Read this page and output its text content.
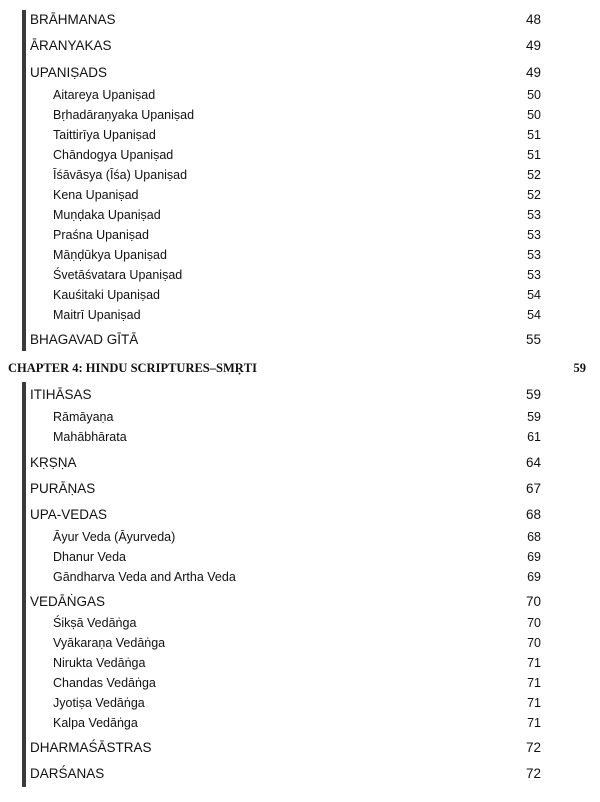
BRĀHMANAS	48
ĀRANYAKAS	49
UPANIṢADS	49
Aitareya Upaniṣad	50
Bṛhadāraṇyaka Upaniṣad	50
Taittirīya Upaniṣad	51
Chāndogya Upaniṣad	51
Īśāvāsya (Īśa) Upaniṣad	52
Kena Upaniṣad	52
Muṇḍaka Upaniṣad	53
Praśna Upaniṣad	53
Māṇḍūkya Upaniṣad	53
Śvetāśvatara Upaniṣad	53
Kauśitaki Upaniṣad	54
Maitrī Upaniṣad	54
BHAGAVAD GĪTĀ	55
CHAPTER 4: HINDU SCRIPTURES–SMṚTI	59
ITIHĀSAS	59
Rāmāyaṇa	59
Mahābhārata	61
KṚṢṆA	64
PURĀṆAS	67
UPA-VEDAS	68
Āyur Veda (Āyurveda)	68
Dhanur Veda	69
Gāndharva Veda and Artha Veda	69
VEDĀṄGAS	70
Śikṣā Vedāṅga	70
Vyākaraṇa Vedāṅga	70
Nirukta Vedāṅga	71
Chandas Vedāṅga	71
Jyotiṣa Vedāṅga	71
Kalpa Vedāṅga	71
DHARMAŚĀSTRAS	72
DARŚANAS	72
